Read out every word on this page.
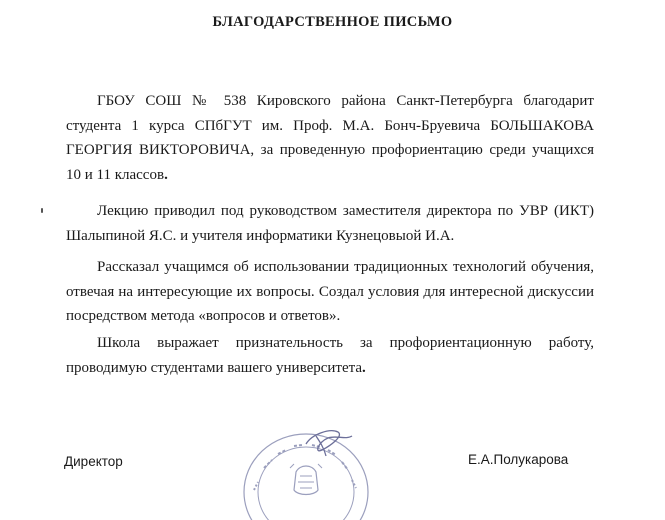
БЛАГОДАРСТВЕННОЕ ПИСЬМО
ГБОУ СОШ № 538 Кировского района Санкт-Петербурга благодарит студента 1 курса СПбГУТ им. Проф. М.А. Бонч-Бруевича БОЛЬШАКОВА ГЕОРГИЯ ВИКТОРОВИЧА, за проведенную профориентацию среди учащихся 10 и 11 классов.
Лекцию приводил под руководством заместителя директора по УВР (ИКТ) Шалыпиной Я.С. и учителя информатики Кузнецовыой И.А.
Рассказал учащимся об использовании традиционных технологий обучения, отвечая на интересующие их вопросы. Создал условия для интересной дискуссии посредством метода «вопросов и ответов».
Школа выражает признательность за профориентационную работу, проводимую студентами вашего университета.
Директор	Е.А.Полукарова
